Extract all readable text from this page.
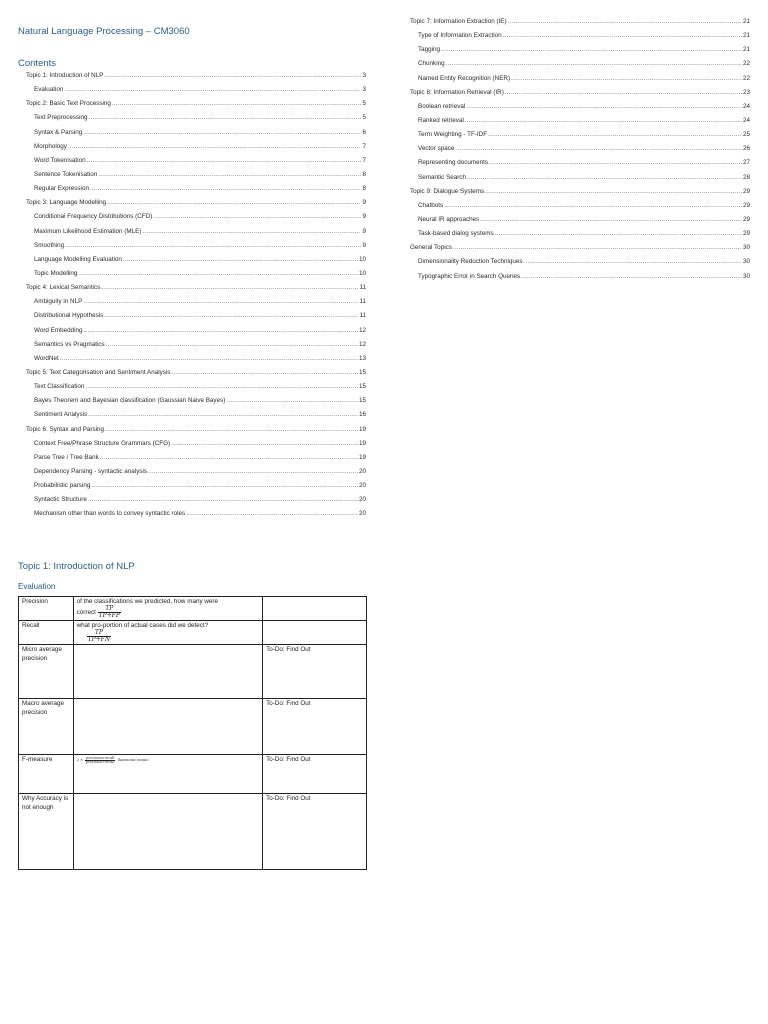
Natural Language Processing – CM3060
Contents
Topic 1: Introduction of NLP .....	3
Evaluation .....	3
Topic 2: Basic Text Processing .....	5
Text Preprocessing .....	5
Syntax & Parsing .....	6
Morphology .....	7
Word Tokenisation .....	7
Sentence Tokenisation .....	8
Regular Expression .....	8
Topic 3: Language Modelling .....	9
Conditional Frequency Distributions (CFD) .....	9
Maximum Likelihood Estimation (MLE) .....	9
Smoothing .....	9
Language Modelling Evaluation .....	10
Topic Modelling .....	10
Topic 4: Lexical Semantics .....	11
Ambiguity in NLP .....	11
Distributional Hypothesis .....	11
Word Embedding .....	12
Semantics vs Pragmatics .....	12
WordNet .....	13
Topic 5: Text Categorisation and Sentiment Analysis .....	15
Text Classification .....	15
Bayes Theorem and Bayesian classification (Gaussian Naive Bayes) .....	15
Sentiment Analysis .....	16
Topic 6: Syntax and Parsing .....	19
Context Free/Phrase Structure Grammars (CFG) .....	19
Parse Tree / Tree Bank .....	19
Dependency Parsing - syntactic analysis .....	20
Probabilistic parsing .....	20
Syntactic Structure .....	20
Mechanism other than words to convey syntactic roles .....	20
Topic 7: Information Extraction (IE) .....	21
Type of Information Extraction .....	21
Tagging .....	21
Chunking .....	22
Named Entity Recognition (NER) .....	22
Topic 8: Information Retrieval (IR) .....	23
Boolean retrieval .....	24
Ranked retrieval .....	24
Term Weighting - TF-IDF .....	25
Vector space .....	26
Representing documents .....	27
Semantic Search .....	28
Topic 9: Dialogue Systems .....	29
Chatbots .....	29
Neural IR approaches .....	29
Task-based dialog systems .....	29
General Topics .....	30
Dimensionality Reduction Techniques .....	30
Typographic Error in Search Queries .....	30
Topic 1: Introduction of NLP
Evaluation
Precision	of the classifications we predicted, how many were
correct $\frac{TP}{TP+FP}$

Recall	what pro-portion of actual cases did we detect?
$\frac{TP}{TP+FN}$

Micro average precision		To-Do: Find Out
Macro average precision		To-Do: Find Out
F-measure	$2 \times \frac{\text{precision×recall}}{\text{precision+recall}}$ (harmonic mean)	To-Do: Find Out
Why Accuracy is not enough		To-Do: Find Out
